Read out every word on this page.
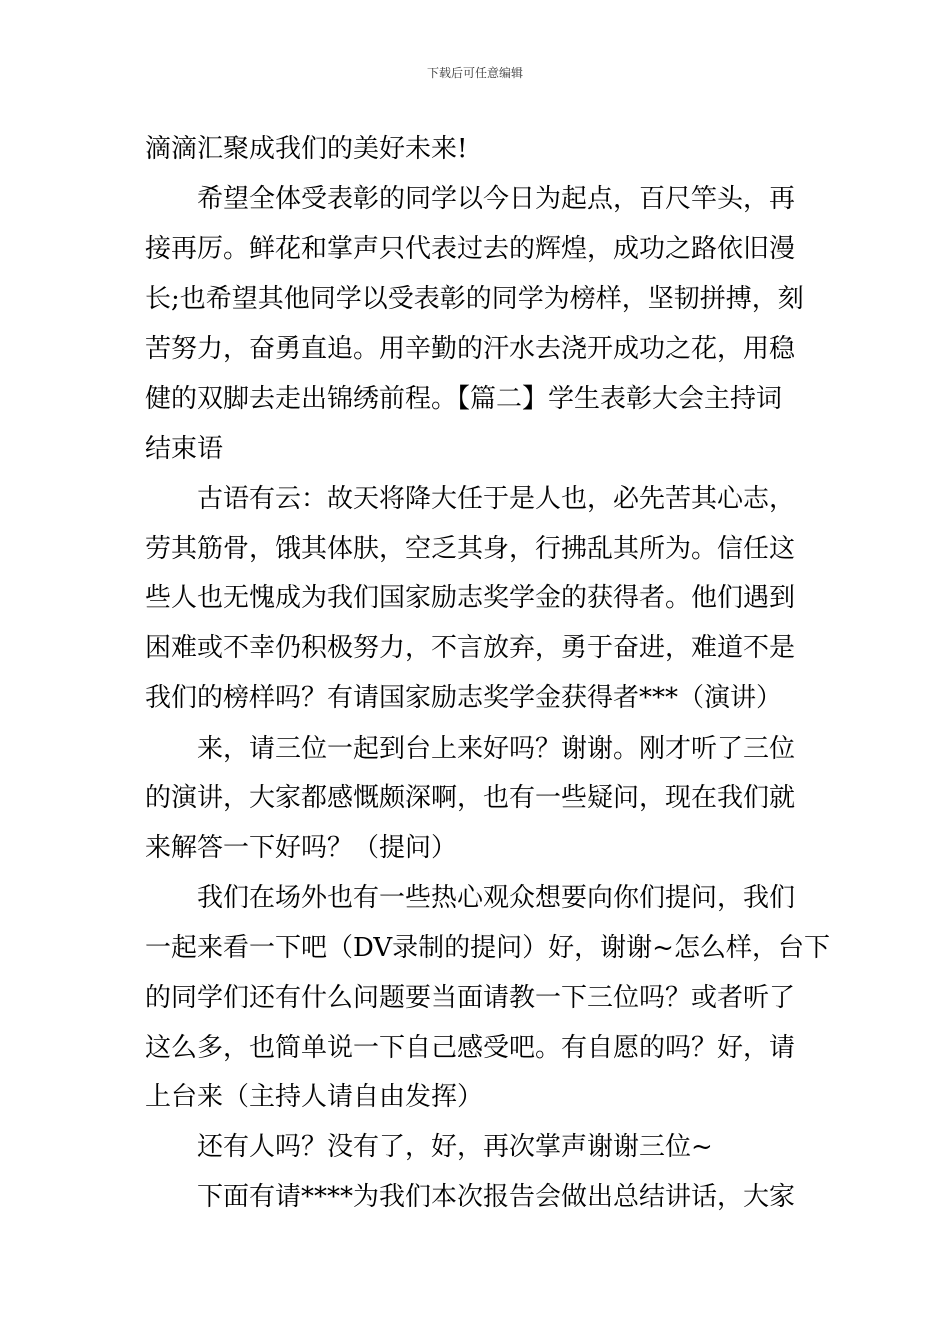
下载后可任意编辑
滴滴汇聚成我们的美好未来!
希望全体受表彰的同学以今日为起点，百尺竿头，再
接再厉。鲜花和掌声只代表过去的辉煌，成功之路依旧漫
长;也希望其他同学以受表彰的同学为榜样，坚韧拼搏，刻
苦努力，奋勇直追。用辛勤的汗水去浇开成功之花，用稳
健的双脚去走出锦绣前程。【篇二】学生表彰大会主持词
结束语
古语有云：故天将降大任于是人也，必先苦其心志，
劳其筋骨，饿其体肤，空乏其身，行拂乱其所为。信任这
些人也无愧成为我们国家励志奖学金的获得者。他们遇到
困难或不幸仍积极努力，不言放弃，勇于奋进，难道不是
我们的榜样吗？有请国家励志奖学金获得者***（演讲）
来，请三位一起到台上来好吗？谢谢。刚才听了三位
的演讲，大家都感慨颇深啊，也有一些疑问，现在我们就
来解答一下好吗？（提问）
我们在场外也有一些热心观众想要向你们提问，我们
一起来看一下吧（DV录制的提问）好，谢谢~怎么样，台下
的同学们还有什么问题要当面请教一下三位吗？或者听了
这么多，也简单说一下自己感受吧。有自愿的吗？好，请
上台来（主持人请自由发挥）
还有人吗？没有了，好，再次掌声谢谢三位~
下面有请****为我们本次报告会做出总结讲话，大家
